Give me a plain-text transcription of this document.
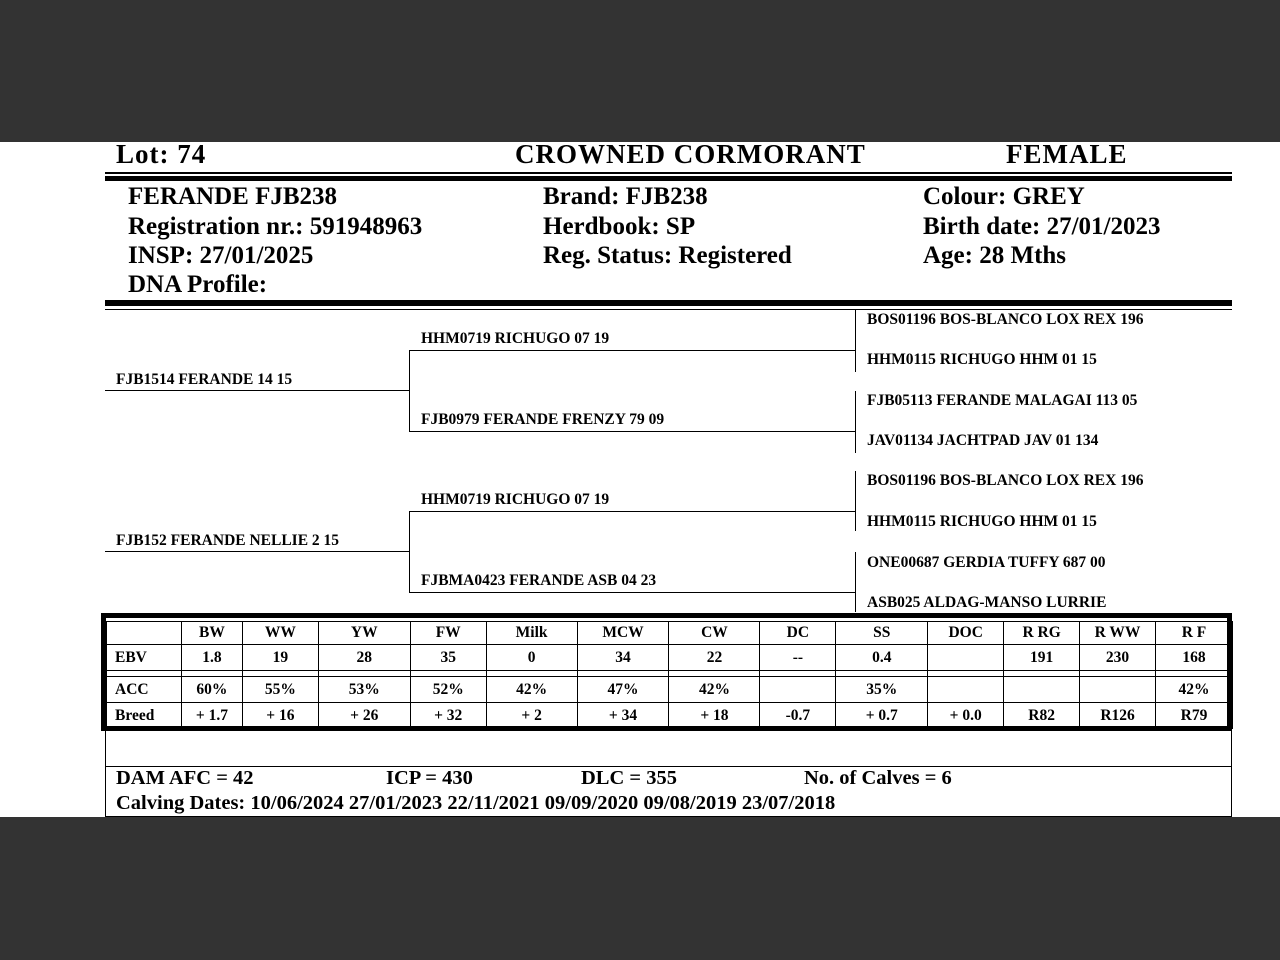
Lot: 74	CROWNED CORMORANT	FEMALE
FERANDE FJB238
Registration nr.: 591948963
INSP: 27/01/2025
DNA Profile:
Brand: FJB238
Herdbook: SP
Reg. Status: Registered
Colour: GREY
Birth date: 27/01/2023
Age: 28 Mths
FJB1514 FERANDE 14 15
FJB152 FERANDE NELLIE 2 15
HHM0719 RICHUGO 07 19
FJB0979 FERANDE FRENZY 79 09
HHM0719 RICHUGO 07 19
FJBMA0423 FERANDE ASB 04 23
BOS01196 BOS-BLANCO LOX REX 196
HHM0115 RICHUGO HHM 01 15
FJB05113 FERANDE MALAGAI 113 05
JAV01134 JACHTPAD JAV 01 134
BOS01196 BOS-BLANCO LOX REX 196
HHM0115 RICHUGO HHM 01 15
ONE00687 GERDIA TUFFY 687 00
ASB025 ALDAG-MANSO LURRIE
	BW	WW	YW	FW	Milk	MCW	CW	DC	SS	DOC	R RG	R WW	R F
EBV	1.8	19	28	35	0	34	22	--	0.4		191	230	168

ACC	60%	55%	53%	52%	42%	47%	42%		35%				42%
Breed	+ 1.7	+ 16	+ 26	+ 32	+ 2	+ 34	+ 18	-0.7	+ 0.7	+ 0.0	R82	R126	R79
DAM AFC = 42	ICP = 430	DLC = 355	No. of Calves = 6
Calving Dates: 10/06/2024 27/01/2023 22/11/2021 09/09/2020 09/08/2019 23/07/2018
